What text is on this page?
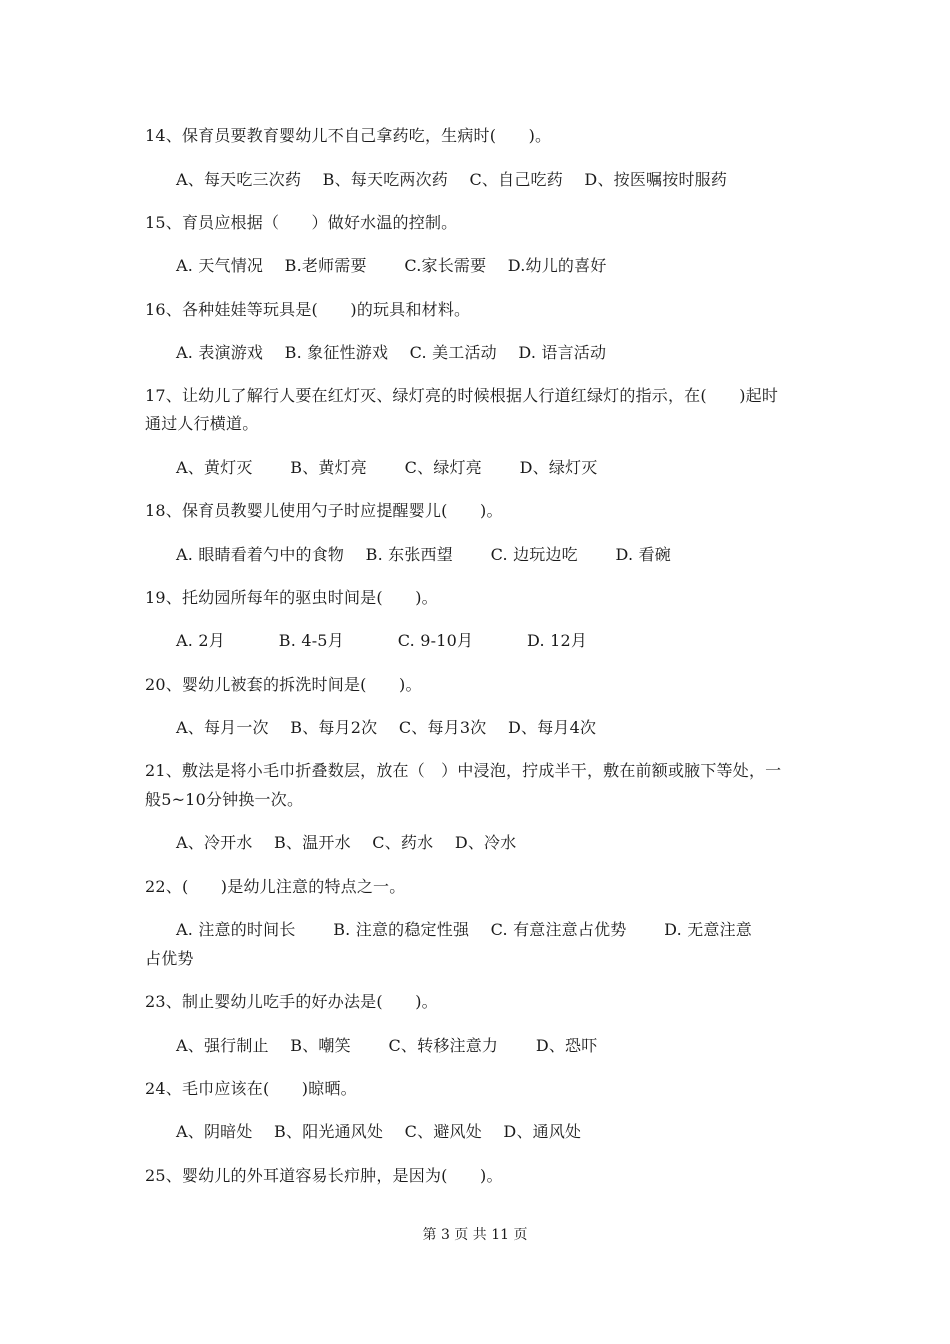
14、保育员要教育婴幼儿不自己拿药吃，生病时(　　)。
A、每天吃三次药　 B、每天吃两次药　 C、自己吃药　 D、按医嘱按时服药
15、育员应根据（　　）做好水温的控制。
A. 天气情况　 B.老师需要　　 C.家长需要　 D.幼儿的喜好
16、各种娃娃等玩具是(　　)的玩具和材料。
A. 表演游戏　 B. 象征性游戏　 C. 美工活动　 D. 语言活动
17、让幼儿了解行人要在红灯灭、绿灯亮的时候根据人行道红绿灯的指示，在(　　)起时
通过人行横道。
A、黄灯灭　　 B、黄灯亮　　 C、绿灯亮　　 D、绿灯灭
18、保育员教婴儿使用勺子时应提醒婴儿(　　)。
A. 眼睛看着勺中的食物　 B. 东张西望　　 C. 边玩边吃　　 D. 看碗
19、托幼园所每年的驱虫时间是(　　)。
A. 2月　　　 B. 4-5月　　　 C. 9-10月　　　 D. 12月
20、婴幼儿被套的拆洗时间是(　　)。
A、每月一次　 B、每月2次　 C、每月3次　 D、每月4次
21、敷法是将小毛巾折叠数层，放在（　）中浸泡，拧成半干，敷在前额或腋下等处，一
般5~10分钟换一次。
A、冷开水　 B、温开水　 C、药水　 D、冷水
22、(　　)是幼儿注意的特点之一。
A. 注意的时间长　　 B. 注意的稳定性强　 C. 有意注意占优势　　 D. 无意注意
占优势
23、制止婴幼儿吃手的好办法是(　　)。
A、强行制止　 B、嘲笑　　 C、转移注意力　　 D、恐吓
24、毛巾应该在(　　)晾晒。
A、阴暗处　 B、阳光通风处　 C、避风处　 D、通风处
25、婴幼儿的外耳道容易长疖肿，是因为(　　)。
第 3 页 共 11 页
